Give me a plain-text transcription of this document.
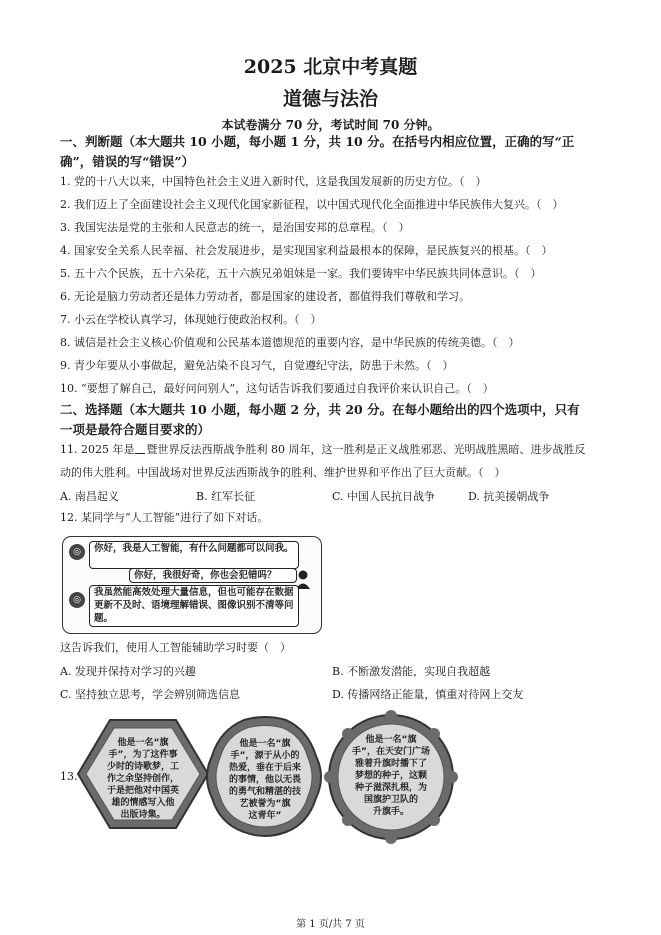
2025 北京中考真题
道德与法治
本试卷满分 70 分，考试时间 70 分钟。
一、判断题（本大题共 10 小题，每小题 1 分，共 10 分。在括号内相应位置，正确的写“正
确”，错误的写“错误”）
1. 党的十八大以来，中国特色社会主义进入新时代，这是我国发展新的历史方位。（　）
2. 我们迈上了全面建设社会主义现代化国家新征程，以中国式现代化全面推进中华民族伟大复兴。（　）
3. 我国宪法是党的主张和人民意志的统一，是治国安邦的总章程。（　）
4. 国家安全关系人民幸福、社会发展进步，是实现国家利益最根本的保障，是民族复兴的根基。（　）
5. 五十六个民族，五十六朵花，五十六族兄弟姐妹是一家。我们要铸牢中华民族共同体意识。（　）
6. 无论是脑力劳动者还是体力劳动者，都是国家的建设者，都值得我们尊敬和学习。
7. 小云在学校认真学习，体现她行使政治权利。（　）
8. 诚信是社会主义核心价值观和公民基本道德规范的重要内容，是中华民族的传统美德。（　）
9. 青少年要从小事做起，避免沾染不良习气，自觉遵纪守法，防患于未然。（　）
10. “要想了解自己，最好问问别人”，这句话告诉我们要通过自我评价来认识自己。（　）
二、选择题（本大题共 10 小题，每小题 2 分，共 20 分。在每小题给出的四个选项中，只有
一项是最符合题目要求的）
11. 2025 年是 暨世界反法西斯战争胜利 80 周年，这一胜利是正义战胜邪恶、光明战胜黑暗、进步战胜反
动的伟大胜利。中国战场对世界反法西斯战争的胜利、维护世界和平作出了巨大贡献。（　）
A. 南昌起义	B. 红军长征	C. 中国人民抗日战争	D. 抗美援朝战争
12. 某同学与“人工智能”进行了如下对话。
◎	你好，我是人工智能，有什么问题都可以问我。
你好，我很好奇，你也会犯错吗？
◎
我虽然能高效处理大量信息，但也可能存在数据更新不及时、语境理解错误、图像识别不清等问题。
这告诉我们，使用人工智能辅助学习时要（　）
A. 发现并保持对学习的兴趣	B. 不断激发潜能，实现自我超越
C. 坚持独立思考，学会辨别筛选信息	D. 传播网络正能量，慎重对待网上交友
13.
他是一名“旗
手”，为了这件事
少时的诗歌梦，工
作之余坚持创作，
于是把他对中国英
雄的情感写入他
出版诗集。
他是一名“旗
手”，源于从小的
热爱，垂在于后来
的事情，他以无畏
的勇气和精湛的技
艺被誉为“旗
这青年”
他是一名“旗
手”，在天安门广场
雅着升旗时播下了
梦想的种子，这颗
种子滋深扎根，为
国旗护卫队的
升旗手。
第 1 页/共 7 页
